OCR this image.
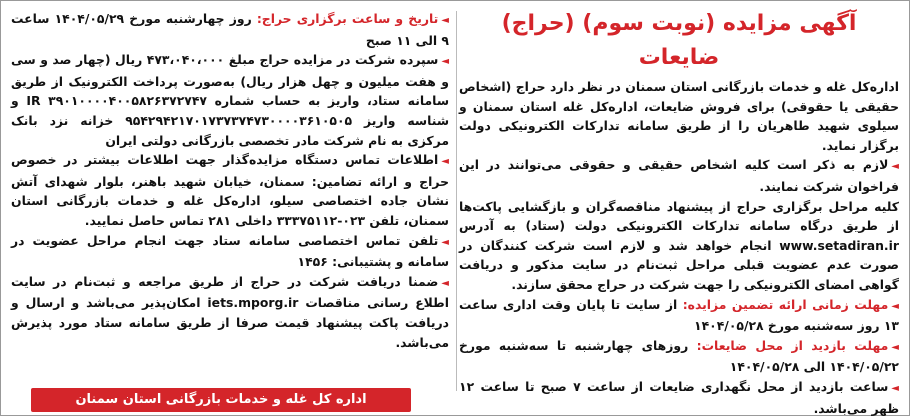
آگهی مزایده (نوبت سوم) (حراج) ضایعات

اداره‌کل غله و خدمات بازرگانی استان سمنان در نظر دارد حراج (اشخاص حقیقی یا حقوقی) برای فروش ضایعات، اداره‌کل غله استان سمنان و سیلوی شهید طاهریان را از طریق سامانه تدارکات الکترونیکی دولت برگزار نماید.

◄لازم به ذکر است کلیه اشخاص حقیقی و حقوقی می‌توانند در این فراخوان شرکت نمایند.

کلیه مراحل برگزاری حراج از پیشنهاد مناقصه‌گران و بازگشایی پاکت‌ها از طریق درگاه سامانه تدارکات الکترونیکی دولت (ستاد) به آدرس www.setadiran.ir انجام خواهد شد و لازم است شرکت کنندگان در صورت عدم عضویت قبلی مراحل ثبت‌نام در سایت مذکور و دریافت گواهی امضای الکترونیکی را جهت شرکت در حراج محقق سازند.

◄مهلت زمانی ارائه تضمین مزایده: از سایت تا پایان وقت اداری ساعت ۱۳ روز سه‌شنبه مورخ ۱۴۰۴/۰۵/۲۸

◄مهلت بازدید از محل ضایعات: روزهای چهارشنبه تا سه‌شنبه مورخ ۱۴۰۴/۰۵/۲۲ الی ۱۴۰۴/۰۵/۲۸

◄ساعت بازدید از محل نگهداری ضایعات از ساعت ۷ صبح تا ساعت ۱۲ ظهر می‌باشد.

◄تاریخ و ساعت برگزاری حراج: روز چهارشنبه مورخ ۱۴۰۴/۰۵/۲۹ ساعت ۹ الی ۱۱ صبح

◄سپرده شرکت در مزایده حراج مبلغ ۴۷۳،۰۴۰،۰۰۰ ریال (چهار صد و سی و هفت میلیون و چهل هزار ریال) به‌صورت پرداخت الکترونیک از طریق سامانه ستاد، واریز به حساب شماره IR ۳۹۰۱۰۰۰۰۴۰۰۵۸۲۶۳۷۲۷۴۷ و شناسه واریز ۹۵۴۲۹۴۲۱۷۰۱۷۳۷۳۷۴۷۳۰۰۰۰۳۶۱۰۵۰۵ خزانه نزد بانک مرکزی به نام شرکت مادر تخصصی بازرگانی دولتی ایران

◄اطلاعات تماس دستگاه مزایده‌گذار جهت اطلاعات بیشتر در خصوص حراج و ارائه تضامین: سمنان، خیابان شهید باهنر، بلوار شهدای آتش نشان جاده اختصاصی سیلو، اداره‌کل غله و خدمات بازرگانی استان سمنان، تلفن ۰۲۳-۳۳۳۷۵۱۱۲ داخلی ۲۸۱ تماس حاصل نمایید.

◄تلفن تماس اختصاصی سامانه ستاد جهت انجام مراحل عضویت در سامانه و پشتیبانی: ۱۴۵۶

◄ضمنا دریافت شرکت در حراج از طریق مراجعه و ثبت‌نام در سایت اطلاع رسانی مناقصات iets.mporg.ir امکان‌پذیر می‌باشد و ارسال و دریافت پاکت پیشنهاد قیمت صرفا از طریق سامانه ستاد مورد پذیرش می‌باشد.

اداره کل غله و خدمات بازرگانی استان سمنان
